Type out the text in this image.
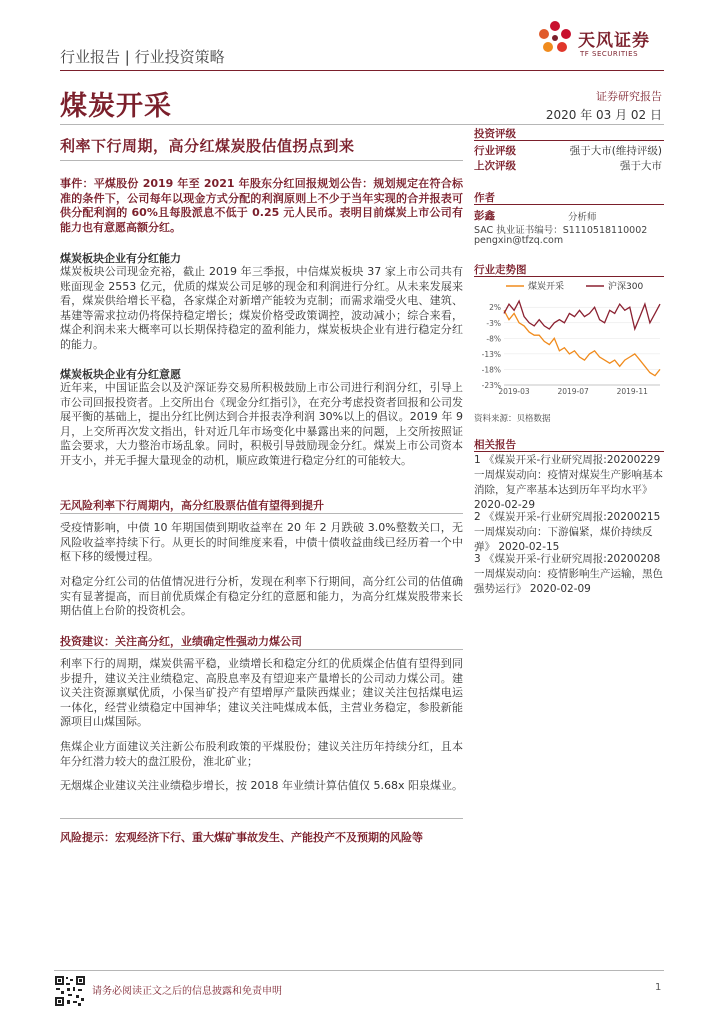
行业报告 | 行业投资策略
天风证券
TF SECURITIES
煤炭开采	证券研究报告
2020 年 03 月 02 日
利率下行周期，高分红煤炭股估值拐点到来

事件：平煤股份 2019 年至 2021 年股东分红回报规划公告：规划规定在符合标准的条件下，公司每年以现金方式分配的利润原则上不少于当年实现的合并报表可供分配利润的 60%且每股派息不低于 0.25 元人民币。表明目前煤炭上市公司有能力也有意愿高额分红。

煤炭板块企业有分红能力

煤炭板块公司现金充裕，截止 2019 年三季报，中信煤炭板块 37 家上市公司共有账面现金 2553 亿元，优质的煤炭公司足够的现金和利润进行分红。从未来发展来看，煤炭供给增长平稳，各家煤企对新增产能较为克制；而需求端受火电、建筑、基建等需求拉动仍将保持稳定增长；煤炭价格受政策调控，波动减小；综合来看，煤企利润未来大概率可以长期保持稳定的盈利能力，煤炭板块企业有进行稳定分红的能力。

煤炭板块企业有分红意愿

近年来，中国证监会以及沪深证券交易所积极鼓励上市公司进行利润分红，引导上市公司回报投资者。上交所出台《现金分红指引》，在充分考虑投资者回报和公司发展平衡的基础上，提出分红比例达到合并报表净利润 30%以上的倡议。2019 年 9 月，上交所再次发文指出，针对近几年市场变化中暴露出来的问题，上交所按照证监会要求，大力整治市场乱象。同时，积极引导鼓励现金分红。煤炭上市公司资本开支小，并无手握大量现金的动机，顺应政策进行稳定分红的可能较大。

无风险利率下行周期内，高分红股票估值有望得到提升

受疫情影响，中债 10 年期国债到期收益率在 20 年 2 月跌破 3.0%整数关口，无风险收益率持续下行。从更长的时间维度来看，中债十债收益曲线已经历着一个中枢下移的缓慢过程。

对稳定分红公司的估值情况进行分析，发现在利率下行期间，高分红公司的估值确实有显著提高，而目前优质煤企有稳定分红的意愿和能力，为高分红煤炭股带来长期估值上台阶的投资机会。

投资建议：关注高分红，业绩确定性强动力煤公司

利率下行的周期，煤炭供需平稳，业绩增长和稳定分红的优质煤企估值有望得到同步提升，建议关注业绩稳定、高股息率及有望迎来产量增长的公司动力煤公司。建议关注资源禀赋优质，小保当矿投产有望增厚产量陕西煤业；建议关注包括煤电运一体化，经营业绩稳定中国神华；建议关注吨煤成本低，主营业务稳定，参股新能源项目山煤国际。

焦煤企业方面建议关注新公布股利政策的平煤股份；建议关注历年持续分红，且本年分红潜力较大的盘江股份，淮北矿业；

无烟煤企业建议关注业绩稳步增长，按 2018 年业绩计算估值仅 5.68x 阳泉煤业。

风险提示：宏观经济下行、重大煤矿事故发生、产能投产不及预期的风险等

投资评级
行业评级	强于大市(维持评级)
上次评级	强于大市
作者
彭鑫	分析师
SAC 执业证书编号：S1110518110002
pengxin@tfzq.com
行业走势图
煤炭开采	沪深300
2%
-3%
-8%
-13%
-18%
-23%
2019-03	2019-07	2019-11
资料来源：贝格数据
相关报告

1 《煤炭开采-行业研究周报:20200229 一周煤炭动向：疫情对煤炭生产影响基本消除，复产率基本达到历年平均水平》 2020-02-29

2 《煤炭开采-行业研究周报:20200215 一周煤炭动向：下游偏紧，煤价持续反弹》 2020-02-15

3 《煤炭开采-行业研究周报:20200208 一周煤炭动向：疫情影响生产运输，黑色强势运行》 2020-02-09

请务必阅读正文之后的信息披露和免责申明	1
